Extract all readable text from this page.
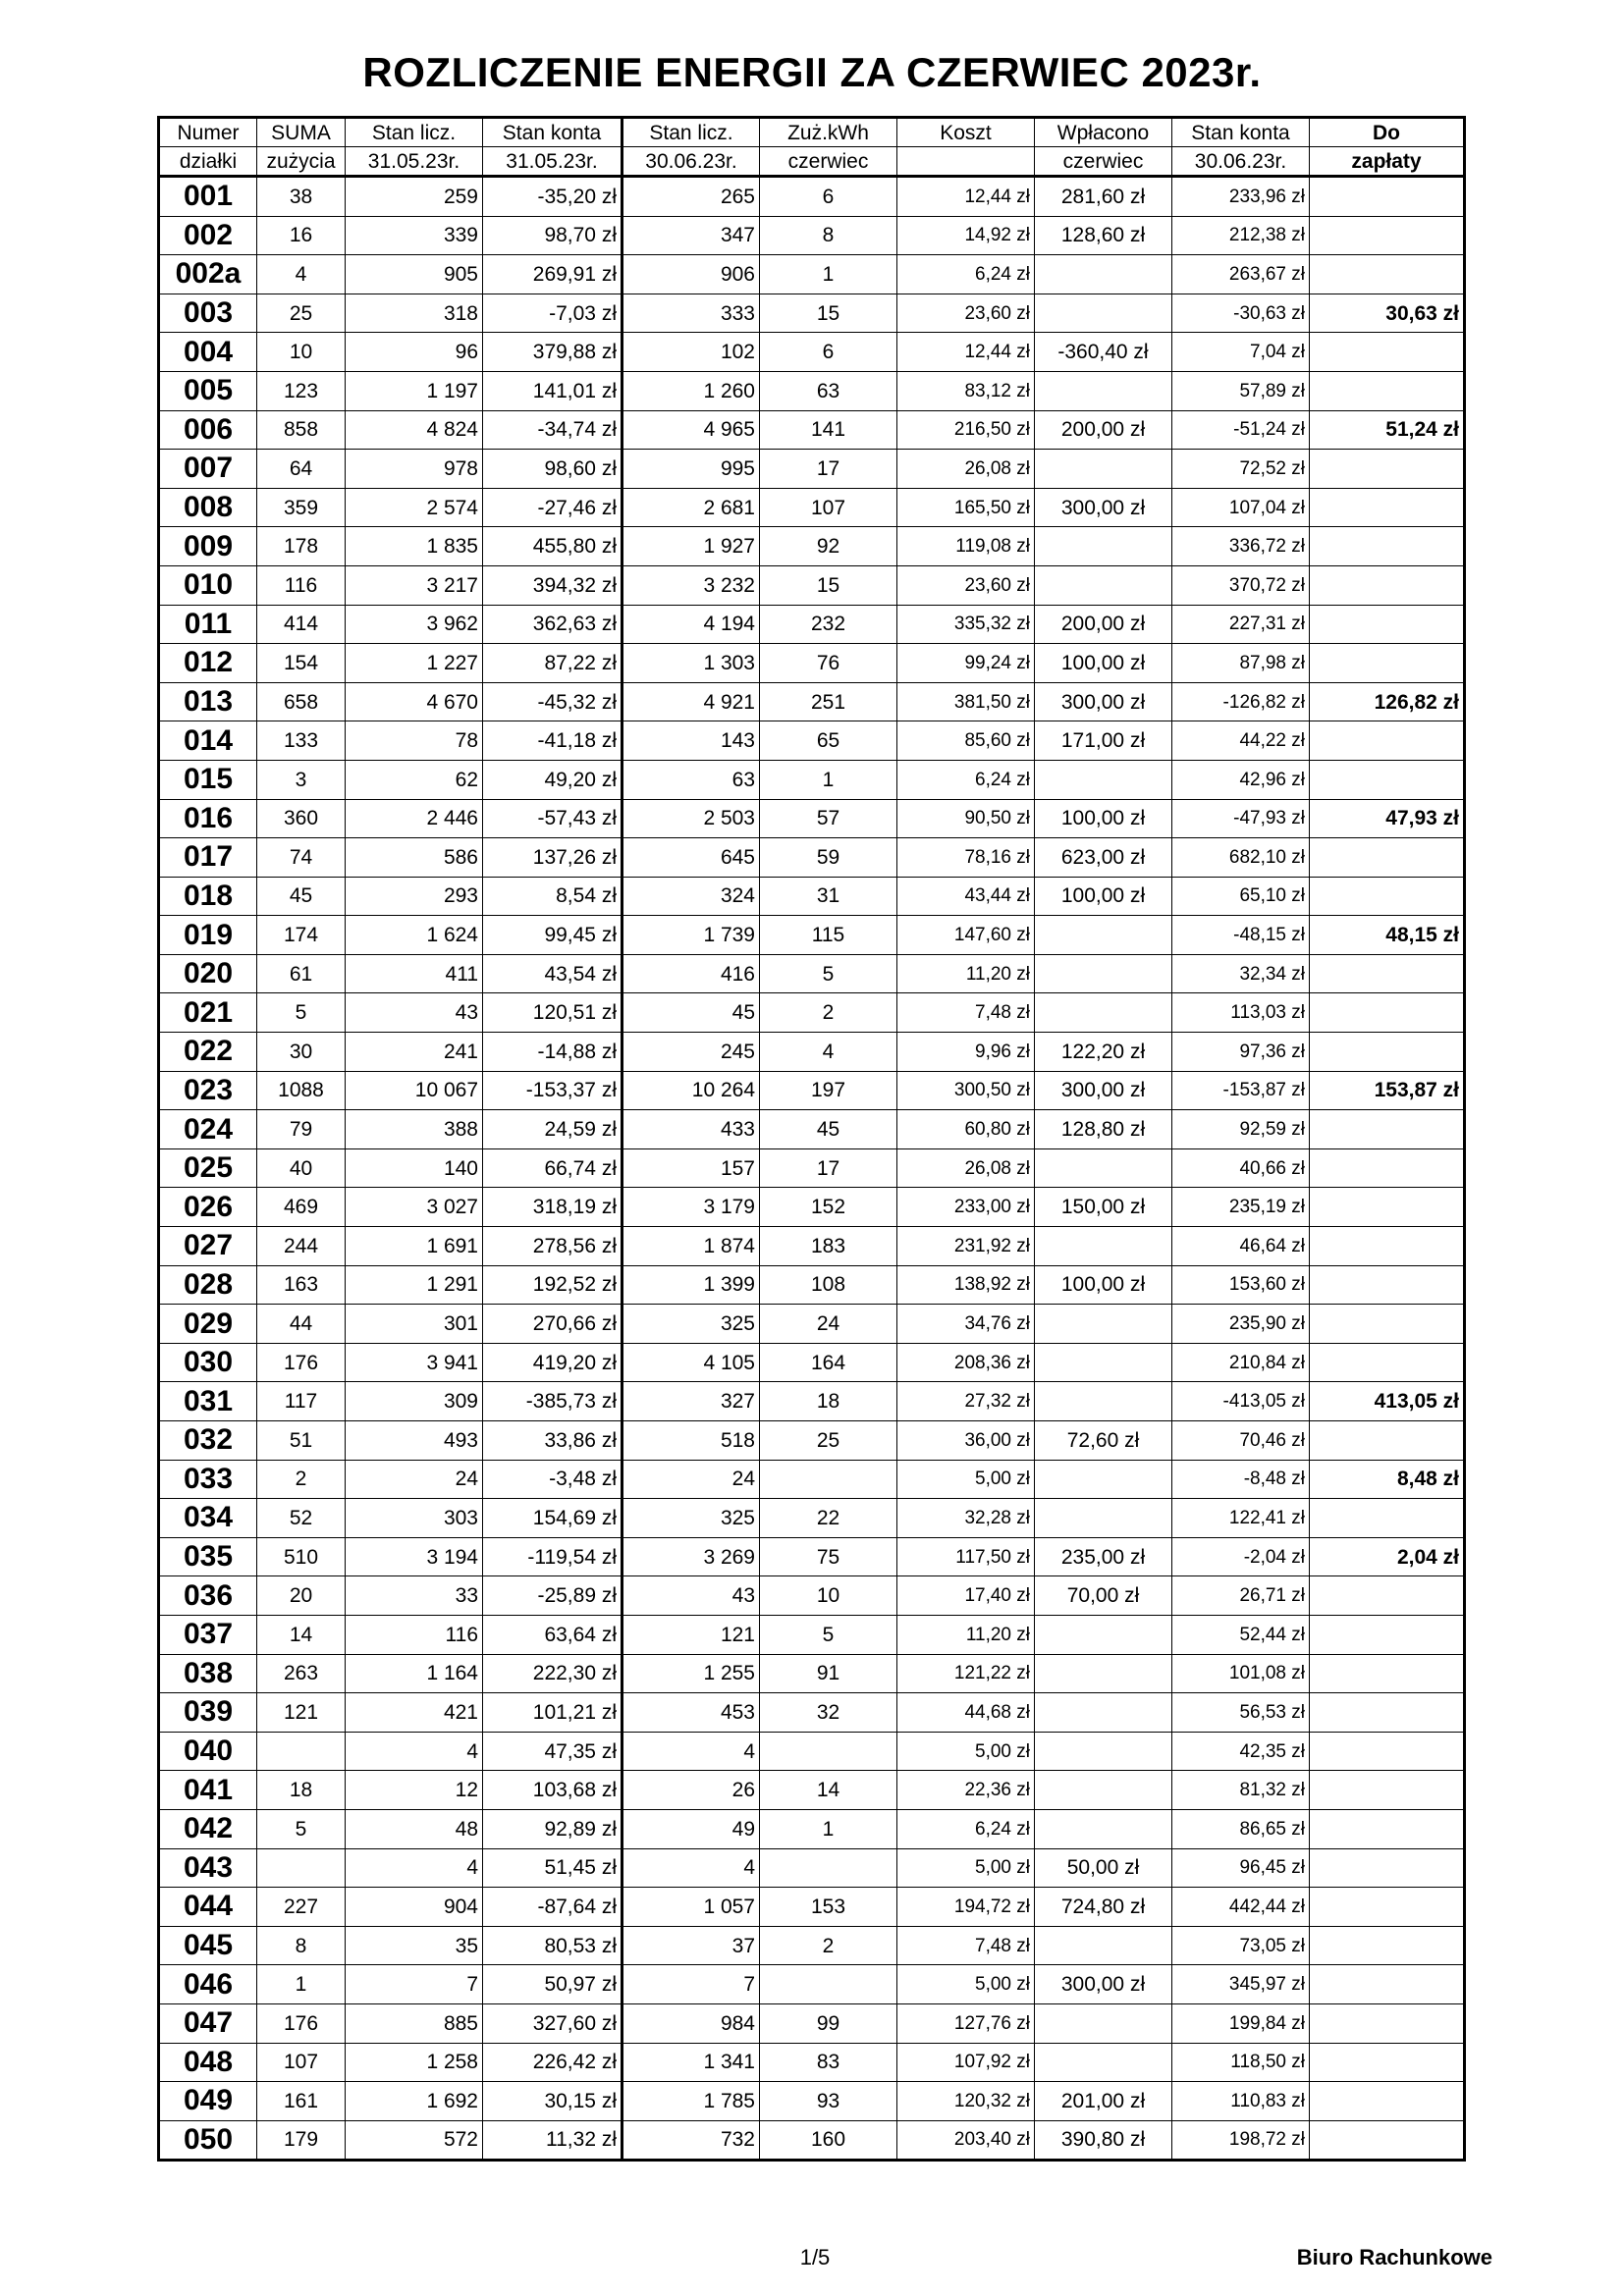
ROZLICZENIE ENERGII ZA CZERWIEC 2023r.
Numer	SUMA	Stan licz.	Stan konta	Stan licz.	Zuż.kWh	Koszt	Wpłacono	Stan konta	Do
działki	zużycia	31.05.23r.	31.05.23r.	30.06.23r.	czerwiec		czerwiec	30.06.23r.	zapłaty
001	38	259	-35,20 zł	265	6	12,44 zł	281,60 zł	233,96 zł	
002	16	339	98,70 zł	347	8	14,92 zł	128,60 zł	212,38 zł	
002a	4	905	269,91 zł	906	1	6,24 zł		263,67 zł	
003	25	318	-7,03 zł	333	15	23,60 zł		-30,63 zł	30,63 zł
004	10	96	379,88 zł	102	6	12,44 zł	-360,40 zł	7,04 zł	
005	123	1 197	141,01 zł	1 260	63	83,12 zł		57,89 zł	
006	858	4 824	-34,74 zł	4 965	141	216,50 zł	200,00 zł	-51,24 zł	51,24 zł
007	64	978	98,60 zł	995	17	26,08 zł		72,52 zł	
008	359	2 574	-27,46 zł	2 681	107	165,50 zł	300,00 zł	107,04 zł	
009	178	1 835	455,80 zł	1 927	92	119,08 zł		336,72 zł	
010	116	3 217	394,32 zł	3 232	15	23,60 zł		370,72 zł	
011	414	3 962	362,63 zł	4 194	232	335,32 zł	200,00 zł	227,31 zł	
012	154	1 227	87,22 zł	1 303	76	99,24 zł	100,00 zł	87,98 zł	
013	658	4 670	-45,32 zł	4 921	251	381,50 zł	300,00 zł	-126,82 zł	126,82 zł
014	133	78	-41,18 zł	143	65	85,60 zł	171,00 zł	44,22 zł	
015	3	62	49,20 zł	63	1	6,24 zł		42,96 zł	
016	360	2 446	-57,43 zł	2 503	57	90,50 zł	100,00 zł	-47,93 zł	47,93 zł
017	74	586	137,26 zł	645	59	78,16 zł	623,00 zł	682,10 zł	
018	45	293	8,54 zł	324	31	43,44 zł	100,00 zł	65,10 zł	
019	174	1 624	99,45 zł	1 739	115	147,60 zł		-48,15 zł	48,15 zł
020	61	411	43,54 zł	416	5	11,20 zł		32,34 zł	
021	5	43	120,51 zł	45	2	7,48 zł		113,03 zł	
022	30	241	-14,88 zł	245	4	9,96 zł	122,20 zł	97,36 zł	
023	1088	10 067	-153,37 zł	10 264	197	300,50 zł	300,00 zł	-153,87 zł	153,87 zł
024	79	388	24,59 zł	433	45	60,80 zł	128,80 zł	92,59 zł	
025	40	140	66,74 zł	157	17	26,08 zł		40,66 zł	
026	469	3 027	318,19 zł	3 179	152	233,00 zł	150,00 zł	235,19 zł	
027	244	1 691	278,56 zł	1 874	183	231,92 zł		46,64 zł	
028	163	1 291	192,52 zł	1 399	108	138,92 zł	100,00 zł	153,60 zł	
029	44	301	270,66 zł	325	24	34,76 zł		235,90 zł	
030	176	3 941	419,20 zł	4 105	164	208,36 zł		210,84 zł	
031	117	309	-385,73 zł	327	18	27,32 zł		-413,05 zł	413,05 zł
032	51	493	33,86 zł	518	25	36,00 zł	72,60 zł	70,46 zł	
033	2	24	-3,48 zł	24		5,00 zł		-8,48 zł	8,48 zł
034	52	303	154,69 zł	325	22	32,28 zł		122,41 zł	
035	510	3 194	-119,54 zł	3 269	75	117,50 zł	235,00 zł	-2,04 zł	2,04 zł
036	20	33	-25,89 zł	43	10	17,40 zł	70,00 zł	26,71 zł	
037	14	116	63,64 zł	121	5	11,20 zł		52,44 zł	
038	263	1 164	222,30 zł	1 255	91	121,22 zł		101,08 zł	
039	121	421	101,21 zł	453	32	44,68 zł		56,53 zł	
040		4	47,35 zł	4		5,00 zł		42,35 zł	
041	18	12	103,68 zł	26	14	22,36 zł		81,32 zł	
042	5	48	92,89 zł	49	1	6,24 zł		86,65 zł	
043		4	51,45 zł	4		5,00 zł	50,00 zł	96,45 zł	
044	227	904	-87,64 zł	1 057	153	194,72 zł	724,80 zł	442,44 zł	
045	8	35	80,53 zł	37	2	7,48 zł		73,05 zł	
046	1	7	50,97 zł	7		5,00 zł	300,00 zł	345,97 zł	
047	176	885	327,60 zł	984	99	127,76 zł		199,84 zł	
048	107	1 258	226,42 zł	1 341	83	107,92 zł		118,50 zł	
049	161	1 692	30,15 zł	1 785	93	120,32 zł	201,00 zł	110,83 zł	
050	179	572	11,32 zł	732	160	203,40 zł	390,80 zł	198,72 zł	
1/5	Biuro Rachunkowe
